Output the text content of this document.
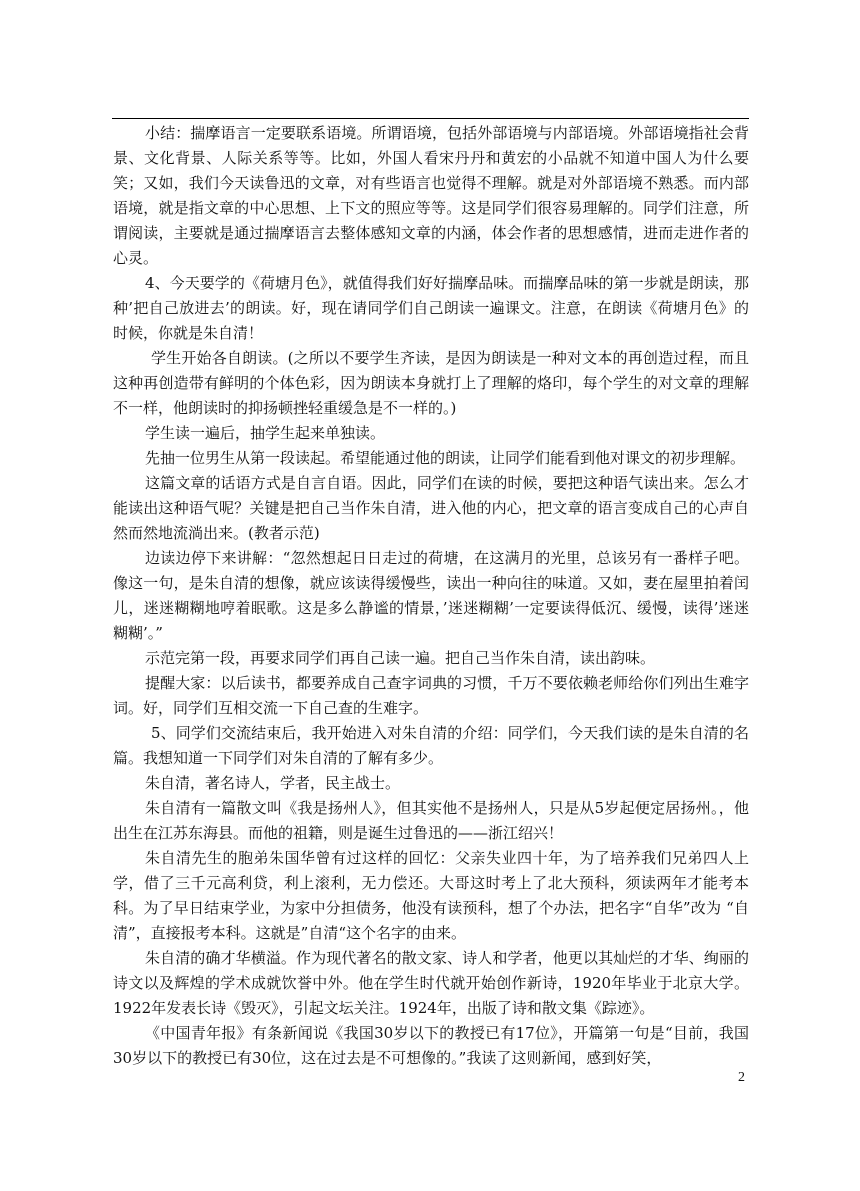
小结：揣摩语言一定要联系语境。所谓语境，包括外部语境与内部语境。外部语境指社会背景、文化背景、人际关系等等。比如，外国人看宋丹丹和黄宏的小品就不知道中国人为什么要笑；又如，我们今天读鲁迅的文章，对有些语言也觉得不理解。就是对外部语境不熟悉。而内部语境，就是指文章的中心思想、上下文的照应等等。这是同学们很容易理解的。同学们注意，所谓阅读，主要就是通过揣摩语言去整体感知文章的内涵，体会作者的思想感情，进而走进作者的心灵。

4、今天要学的《荷塘月色》，就值得我们好好揣摩品味。而揣摩品味的第一步就是朗读，那种’把自己放进去’的朗读。好，现在请同学们自己朗读一遍课文。注意，在朗读《荷塘月色》的时候，你就是朱自清！

学生开始各自朗读。(之所以不要学生齐读，是因为朗读是一种对文本的再创造过程，而且这种再创造带有鲜明的个体色彩，因为朗读本身就打上了理解的烙印，每个学生的对文章的理解不一样，他朗读时的抑扬顿挫轻重缓急是不一样的。)

学生读一遍后，抽学生起来单独读。

先抽一位男生从第一段读起。希望能通过他的朗读，让同学们能看到他对课文的初步理解。

这篇文章的话语方式是自言自语。因此，同学们在读的时候，要把这种语气读出来。怎么才能读出这种语气呢？关键是把自己当作朱自清，进入他的内心，把文章的语言变成自己的心声自然而然地流淌出来。(教者示范)

边读边停下来讲解：“忽然想起日日走过的荷塘，在这满月的光里，总该另有一番样子吧。像这一句，是朱自清的想像，就应该读得缓慢些，读出一种向往的味道。又如，妻在屋里拍着闰儿，迷迷糊糊地哼着眠歌。这是多么静谧的情景，’迷迷糊糊’一定要读得低沉、缓慢，读得’迷迷糊糊’。”

示范完第一段，再要求同学们再自己读一遍。把自己当作朱自清，读出韵味。

提醒大家：以后读书，都要养成自己查字词典的习惯，千万不要依赖老师给你们列出生难字词。好，同学们互相交流一下自己查的生难字。

5、同学们交流结束后，我开始进入对朱自清的介绍：同学们，今天我们读的是朱自清的名篇。我想知道一下同学们对朱自清的了解有多少。

朱自清，著名诗人，学者，民主战士。

朱自清有一篇散文叫《我是扬州人》，但其实他不是扬州人，只是从5岁起便定居扬州。，他出生在江苏东海县。而他的祖籍，则是诞生过鲁迅的——浙江绍兴！

朱自清先生的胞弟朱国华曾有过这样的回忆：父亲失业四十年，为了培养我们兄弟四人上学，借了三千元高利贷，利上滚利，无力偿还。大哥这时考上了北大预科，须读两年才能考本科。为了早日结束学业，为家中分担债务，他没有读预科，想了个办法，把名字“自华”改为 “自清”，直接报考本科。这就是”自清“这个名字的由来。

朱自清的确才华横溢。作为现代著名的散文家、诗人和学者，他更以其灿烂的才华、绚丽的诗文以及辉煌的学术成就饮誉中外。他在学生时代就开始创作新诗，1920年毕业于北京大学。1922年发表长诗《毁灭》，引起文坛关注。1924年，出版了诗和散文集《踪迹》。

《中国青年报》有条新闻说《我国30岁以下的教授已有17位》，开篇第一句是“目前，我国30岁以下的教授已有30位，这在过去是不可想像的。”我读了这则新闻，感到好笑，

2
